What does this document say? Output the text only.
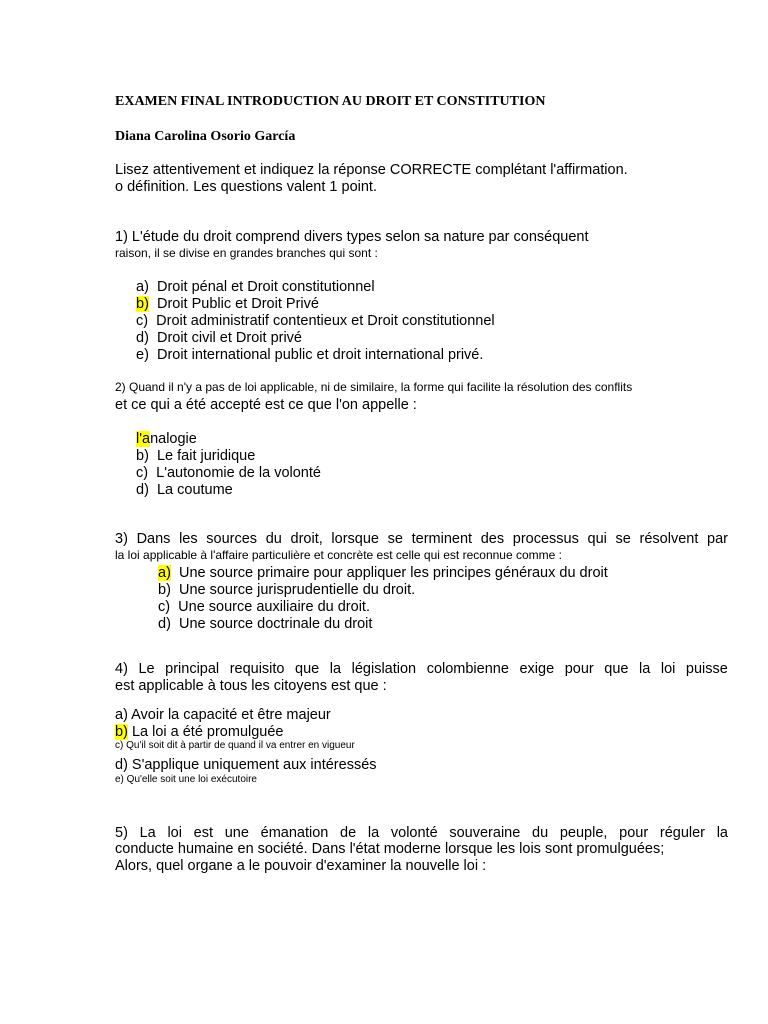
EXAMEN FINAL INTRODUCTION AU DROIT ET CONSTITUTION
Diana Carolina Osorio García
Lisez attentivement et indiquez la réponse CORRECTE complétant l'affirmation.
o définition. Les questions valent 1 point.
1) L'étude du droit comprend divers types selon sa nature par conséquent
raison, il se divise en grandes branches qui sont :
a) Droit pénal et Droit constitutionnel
b) Droit Public et Droit Privé
c) Droit administratif contentieux et Droit constitutionnel
d) Droit civil et Droit privé
e) Droit international public et droit international privé.
2) Quand il n'y a pas de loi applicable, ni de similaire, la forme qui facilite la résolution des conflits
et ce qui a été accepté est ce que l'on appelle :
l'analogie
b) Le fait juridique
c) L'autonomie de la volonté
d) La coutume
3) Dans les sources du droit, lorsque se terminent des processus qui se résolvent par
la loi applicable à l'affaire particulière et concrète est celle qui est reconnue comme :
a) Une source primaire pour appliquer les principes généraux du droit
b) Une source jurisprudentielle du droit.
c) Une source auxiliaire du droit.
d) Une source doctrinale du droit
4) Le principal requisito que la législation colombienne exige pour que la loi puisse
est applicable à tous les citoyens est que :
a) Avoir la capacité et être majeur
b) La loi a été promulguée
c) Qu'il soit dit à partir de quand il va entrer en vigueur
d) S'applique uniquement aux intéressés
e) Qu'elle soit une loi exécutoire
5) La loi est une émanation de la volonté souveraine du peuple, pour réguler la
conducte humaine en société. Dans l'état moderne lorsque les lois sont promulguées;
Alors, quel organe a le pouvoir d'examiner la nouvelle loi :
